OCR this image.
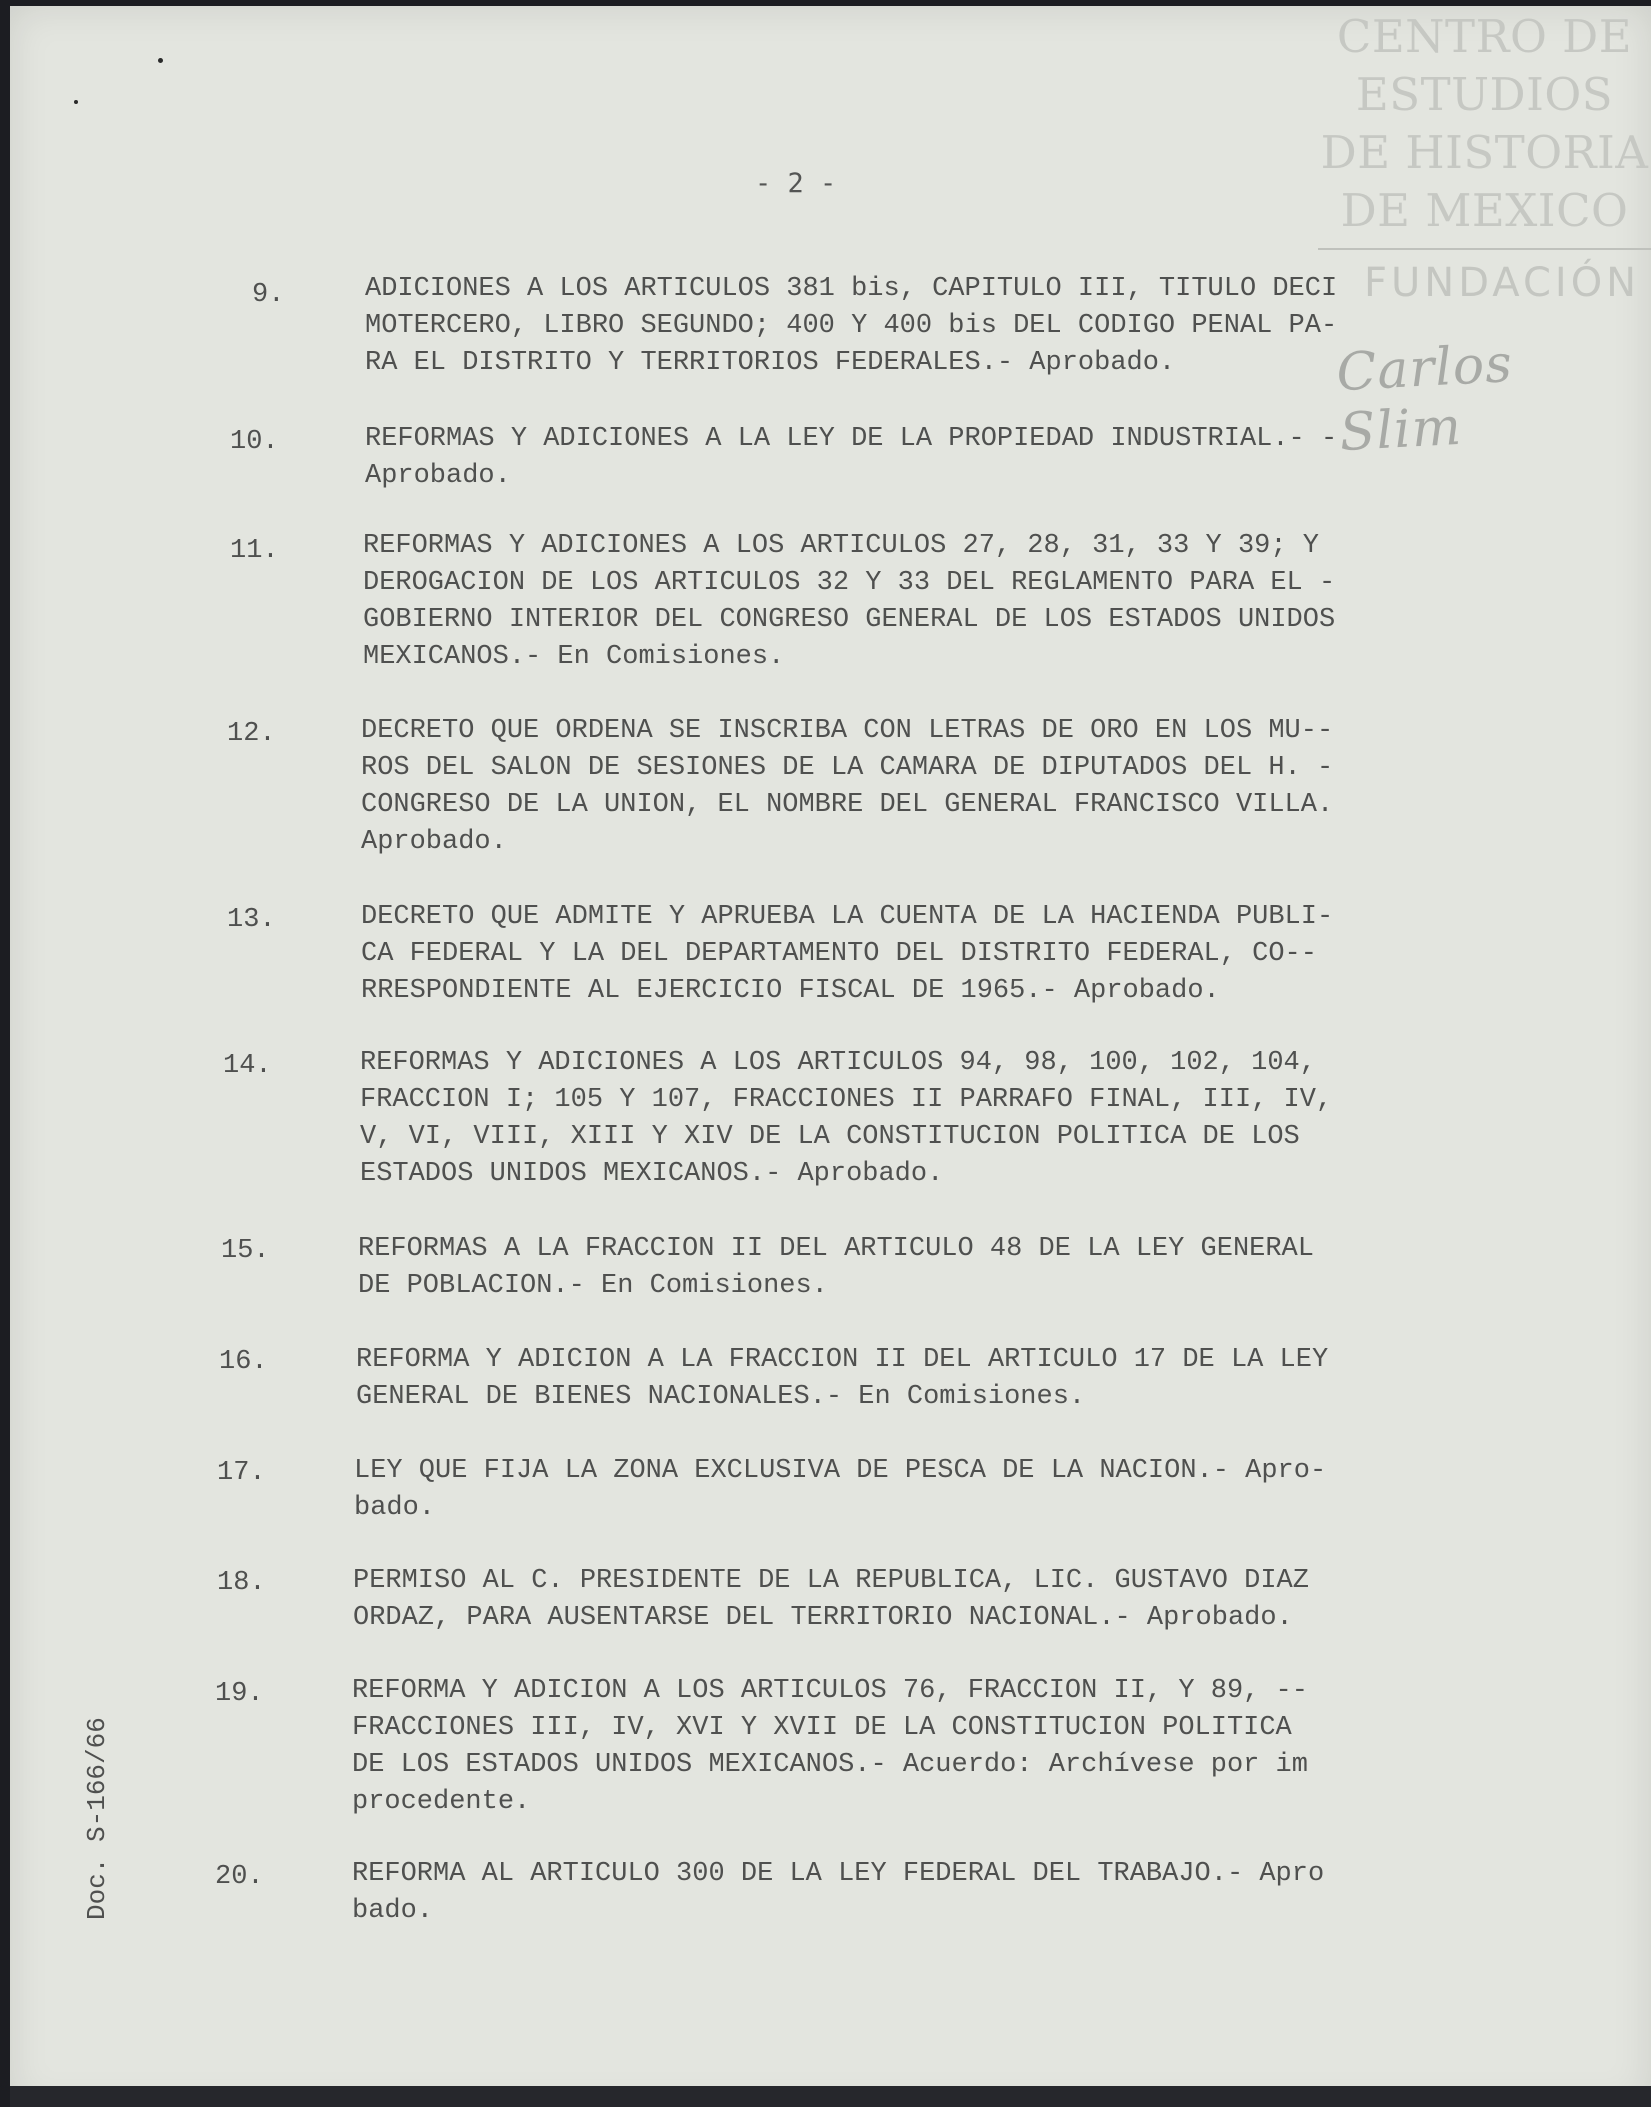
CENTRO DE
ESTUDIOS
DE HISTORIA
DE MEXICO
FUNDACIÓN
Carlos Slim
- 2 -
9.	ADICIONES A LOS ARTICULOS 381 bis, CAPITULO III, TITULO DECI
MOTERCERO, LIBRO SEGUNDO; 400 Y 400 bis DEL CODIGO PENAL PA-
RA EL DISTRITO Y TERRITORIOS FEDERALES.- Aprobado.
10.	REFORMAS Y ADICIONES A LA LEY DE LA PROPIEDAD INDUSTRIAL.- -
Aprobado.
11.	REFORMAS Y ADICIONES A LOS ARTICULOS 27, 28, 31, 33 Y 39; Y
DEROGACION DE LOS ARTICULOS 32 Y 33 DEL REGLAMENTO PARA EL -
GOBIERNO INTERIOR DEL CONGRESO GENERAL DE LOS ESTADOS UNIDOS
MEXICANOS.- En Comisiones.
12.	DECRETO QUE ORDENA SE INSCRIBA CON LETRAS DE ORO EN LOS MU--
ROS DEL SALON DE SESIONES DE LA CAMARA DE DIPUTADOS DEL H. -
CONGRESO DE LA UNION, EL NOMBRE DEL GENERAL FRANCISCO VILLA.
Aprobado.
13.	DECRETO QUE ADMITE Y APRUEBA LA CUENTA DE LA HACIENDA PUBLI-
CA FEDERAL Y LA DEL DEPARTAMENTO DEL DISTRITO FEDERAL, CO--
RRESPONDIENTE AL EJERCICIO FISCAL DE 1965.- Aprobado.
14.	REFORMAS Y ADICIONES A LOS ARTICULOS 94, 98, 100, 102, 104,
FRACCION I; 105 Y 107, FRACCIONES II PARRAFO FINAL, III, IV,
V, VI, VIII, XIII Y XIV DE LA CONSTITUCION POLITICA DE LOS
ESTADOS UNIDOS MEXICANOS.- Aprobado.
15.	REFORMAS A LA FRACCION II DEL ARTICULO 48 DE LA LEY GENERAL
DE POBLACION.- En Comisiones.
16.	REFORMA Y ADICION A LA FRACCION II DEL ARTICULO 17 DE LA LEY
GENERAL DE BIENES NACIONALES.- En Comisiones.
17.	LEY QUE FIJA LA ZONA EXCLUSIVA DE PESCA DE LA NACION.- Apro-
bado.
18.	PERMISO AL C. PRESIDENTE DE LA REPUBLICA, LIC. GUSTAVO DIAZ
ORDAZ, PARA AUSENTARSE DEL TERRITORIO NACIONAL.- Aprobado.
19.	REFORMA Y ADICION A LOS ARTICULOS 76, FRACCION II, Y 89, --
FRACCIONES III, IV, XVI Y XVII DE LA CONSTITUCION POLITICA
DE LOS ESTADOS UNIDOS MEXICANOS.- Acuerdo: Archívese por im
procedente.
20.	REFORMA AL ARTICULO 300 DE LA LEY FEDERAL DEL TRABAJO.- Apro
bado.
Doc. S-166/66
